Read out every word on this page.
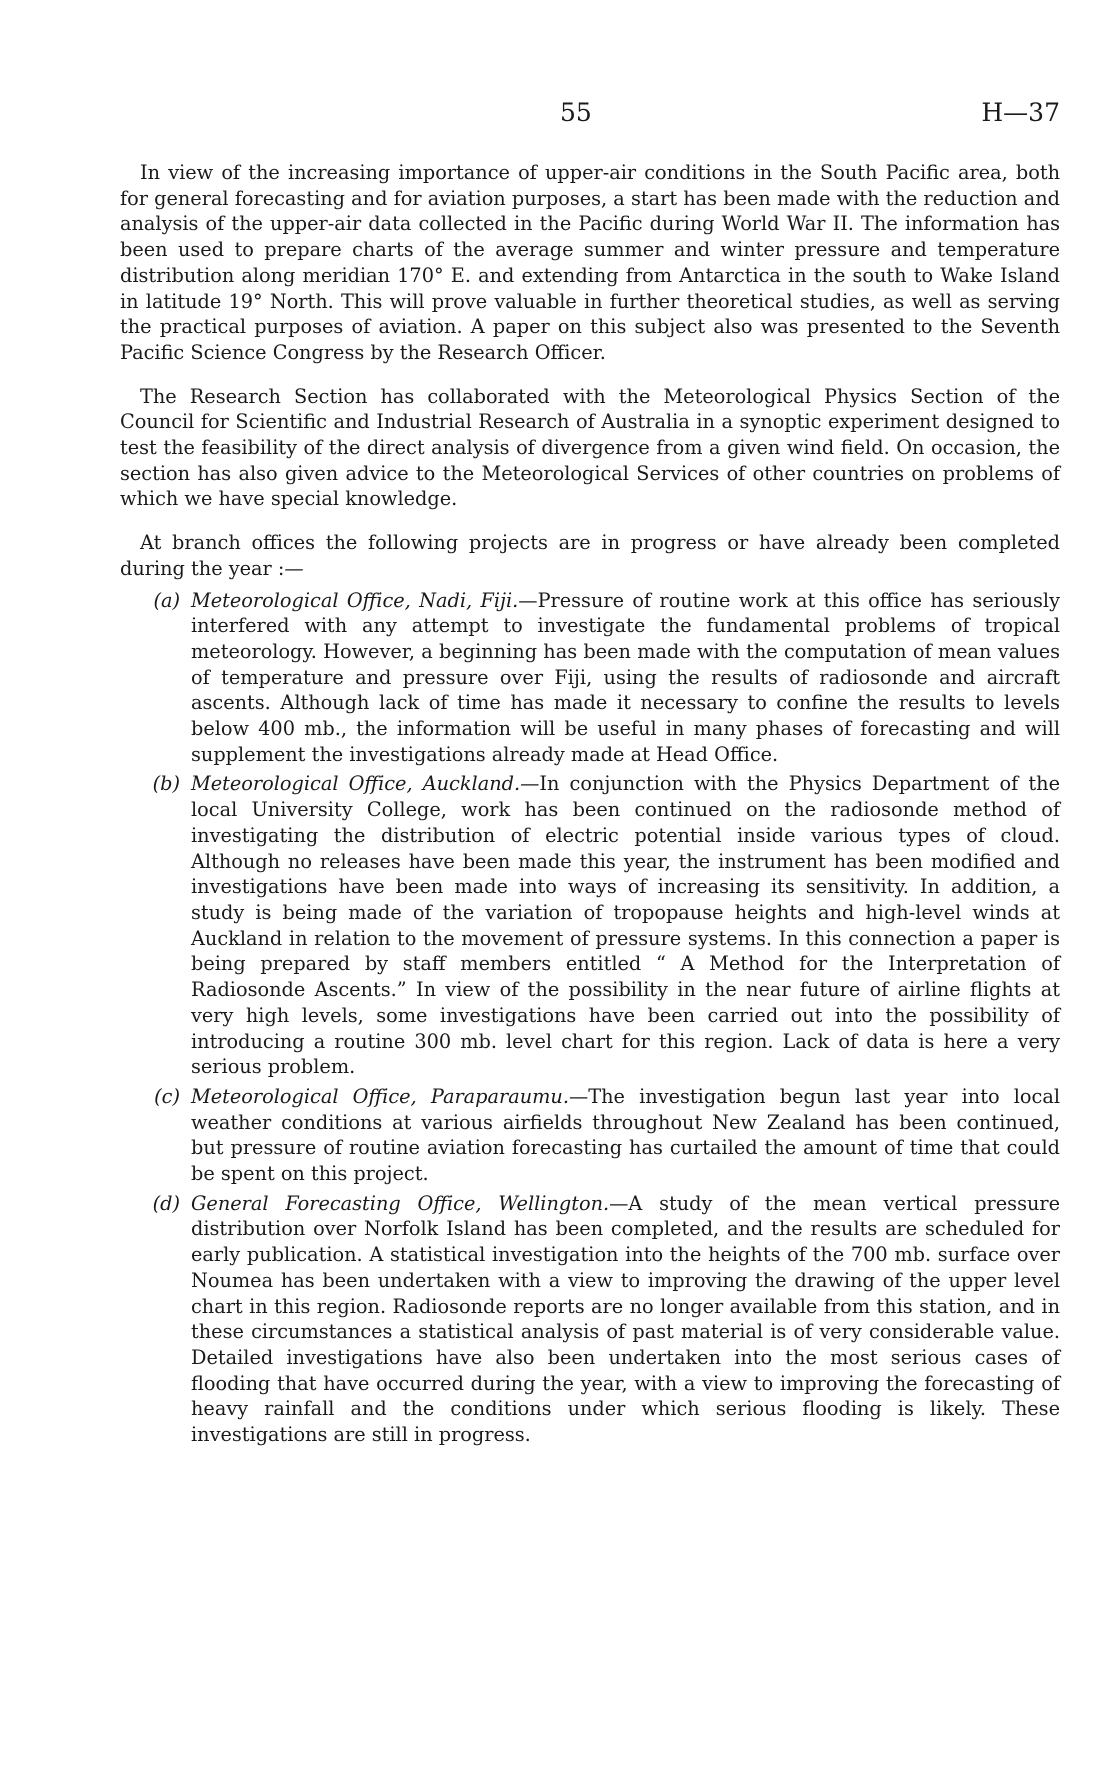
55	H—37

In view of the increasing importance of upper-air conditions in the South Pacific area, both for general forecasting and for aviation purposes, a start has been made with the reduction and analysis of the upper-air data collected in the Pacific during World War II. The information has been used to prepare charts of the average summer and winter pressure and temperature distribution along meridian 170° E. and extending from Antarctica in the south to Wake Island in latitude 19° North. This will prove valuable in further theoretical studies, as well as serving the practical purposes of aviation. A paper on this subject also was presented to the Seventh Pacific Science Congress by the Research Officer.

The Research Section has collaborated with the Meteorological Physics Section of the Council for Scientific and Industrial Research of Australia in a synoptic experiment designed to test the feasibility of the direct analysis of divergence from a given wind field. On occasion, the section has also given advice to the Meteorological Services of other countries on problems of which we have special knowledge.

At branch offices the following projects are in progress or have already been completed during the year :—

(a) Meteorological Office, Nadi, Fiji.—Pressure of routine work at this office has seriously interfered with any attempt to investigate the fundamental problems of tropical meteorology. However, a beginning has been made with the computation of mean values of temperature and pressure over Fiji, using the results of radiosonde and aircraft ascents. Although lack of time has made it necessary to confine the results to levels below 400 mb., the information will be useful in many phases of forecasting and will supplement the investigations already made at Head Office.
(b) Meteorological Office, Auckland.—In conjunction with the Physics Department of the local University College, work has been continued on the radiosonde method of investigating the distribution of electric potential inside various types of cloud. Although no releases have been made this year, the instrument has been modified and investigations have been made into ways of increasing its sensitivity. In addition, a study is being made of the variation of tropopause heights and high-level winds at Auckland in relation to the movement of pressure systems. In this connection a paper is being prepared by staff members entitled “ A Method for the Interpretation of Radiosonde Ascents.” In view of the possibility in the near future of airline flights at very high levels, some investigations have been carried out into the possibility of introducing a routine 300 mb. level chart for this region. Lack of data is here a very serious problem.
(c) Meteorological Office, Paraparaumu.—The investigation begun last year into local weather conditions at various airfields throughout New Zealand has been continued, but pressure of routine aviation forecasting has curtailed the amount of time that could be spent on this project.
(d) General Forecasting Office, Wellington.—A study of the mean vertical pressure distribution over Norfolk Island has been completed, and the results are scheduled for early publication. A statistical investigation into the heights of the 700 mb. surface over Noumea has been undertaken with a view to improving the drawing of the upper level chart in this region. Radiosonde reports are no longer available from this station, and in these circumstances a statistical analysis of past material is of very considerable value. Detailed investigations have also been undertaken into the most serious cases of flooding that have occurred during the year, with a view to improving the forecasting of heavy rainfall and the conditions under which serious flooding is likely. These investigations are still in progress.
